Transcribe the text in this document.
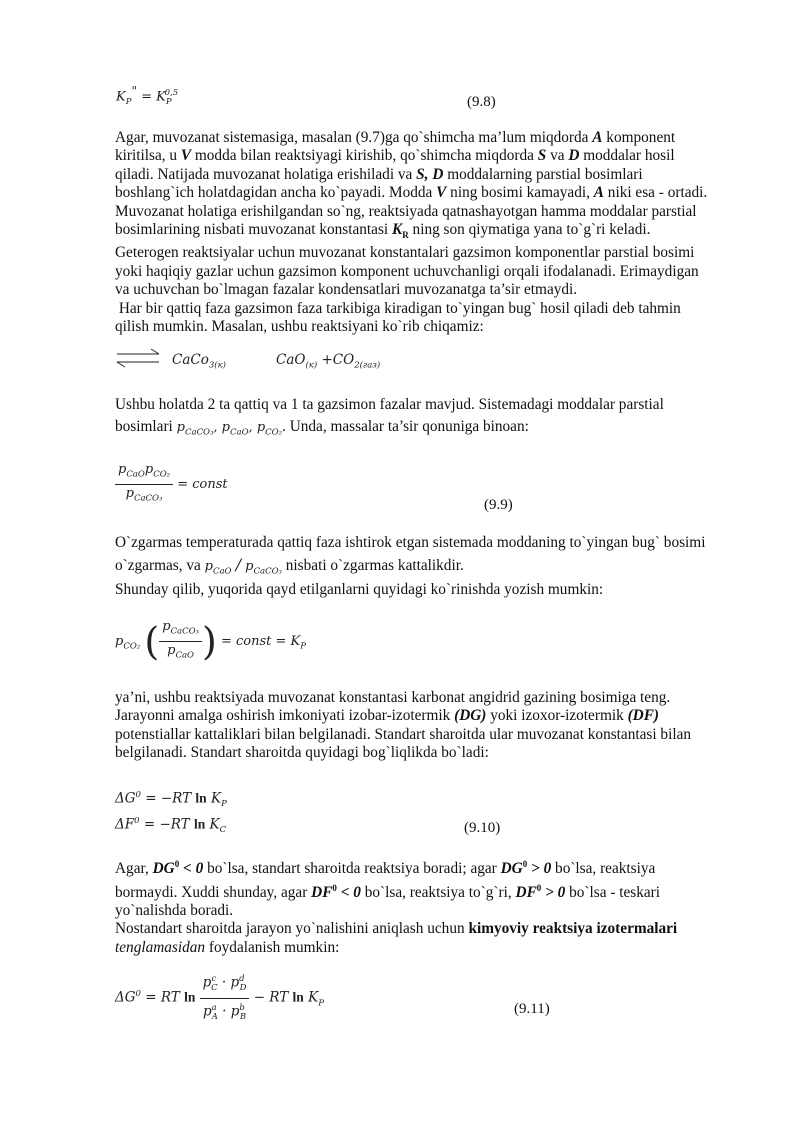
$K_P^" = K_P^{0,5}$
(9.8)

Agar, muvozanat sistemasiga, masalan (9.7)ga qo`shimcha ma’lum miqdorda A komponent kiritilsa, u V modda bilan reaktsiyagi kirishib, qo`shimcha miqdorda S va D moddalar hosil qiladi. Natijada muvozanat holatiga erishiladi va S, D moddalarning parstial bosimlari boshlang`ich holatdagidan ancha ko`payadi. Modda V ning bosimi kamayadi, A niki esa - ortadi. Muvozanat holatiga erishilgandan so`ng, reaktsiyada qatnashayotgan hamma moddalar parstial bosimlarining nisbati muvozanat konstantasi $K_R$ ning son qiymatiga yana to`g`ri keladi.

Geterogen reaktsiyalar uchun muvozanat konstantalari gazsimon komponentlar parstial bosimi yoki haqiqiy gazlar uchun gazsimon komponent uchuvchanligi orqali ifodalanadi. Erimaydigan va uchuvchan bo`lmagan fazalar kondensatlari muvozanatga ta’sir etmaydi.

Har bir qattiq faza gazsimon faza tarkibiga kiradigan to`yingan bug` hosil qiladi deb tahmin qilish mumkin. Masalan, ushbu reaktsiyani ko`rib chiqamiz:

⇌ CaCo$_{3(к)}$	$CaO_{(к)} +CO_{2(газ)}$

Ushbu holatda 2 ta qattiq va 1 ta gazsimon fazalar mavjud. Sistemadagi moddalar parstial

bosimlari $p_{CaCO_3}$, $p_{CaO}$, $p_{CO_2}$. Unda, massalar ta’sir qonuniga binoan:

$\frac{p_{CaO}p_{CO_2}}{p_{CaCO_3}}$ = const
(9.9)

O`zgarmas temperaturada qattiq faza ishtirok etgan sistemada moddaning to`yingan bug` bosimi

o`zgarmas, va $p_{CaO} / p_{CaCO_3}$ nisbati o`zgarmas kattalikdir.

Shunday qilib, yuqorida qayd etilganlarni quyidagi ko`rinishda yozish mumkin:

$p_{CO_2}$ ( $\frac{p_{CaCO_3}}{p_{CaO}}$ ) = const = $K_P$

ya’ni, ushbu reaktsiyada muvozanat konstantasi karbonat angidrid gazining bosimiga teng. Jarayonni amalga oshirish imkoniyati izobar-izotermik (DG) yoki izoxor-izotermik (DF) potenstiallar kattaliklari bilan belgilanadi. Standart sharoitda ular muvozanat konstantasi bilan belgilanadi. Standart sharoitda quyidagi bog`liqlikda bo`ladi:

$\Delta G^0 = -RT$ $\ln K_P$
$\Delta F^0 = -RT$ $\ln K_C$	(9.10)

Agar, $DG^0 < 0$ bo`lsa, standart sharoitda reaktsiya boradi; agar $DG^0 > 0$ bo`lsa, reaktsiya bormaydi. Xuddi shunday, agar $DF^0 < 0$ bo`lsa, reaktsiya to`g`ri, $DF^0 > 0$ bo`lsa - teskari yo`nalishda boradi.

Nostandart sharoitda jarayon yo`nalishini aniqlash uchun kimyoviy reaktsiya izotermalari tenglamasidan foydalanish mumkin:

$\Delta G^0$ = RT $\ln \frac{p^c_C \cdot p^d_D}{p^a_A \cdot p^b_B}$ − RT $\ln K_P$	(9.11)
